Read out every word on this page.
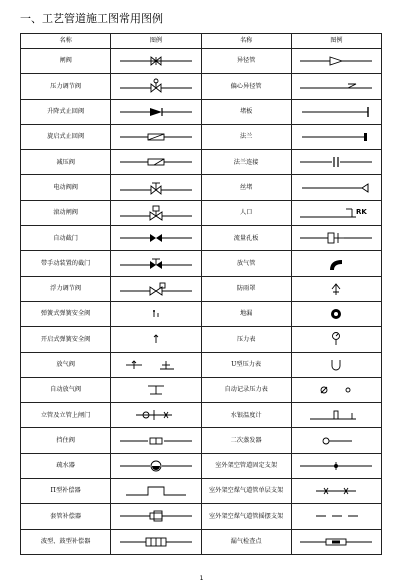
一、工艺管道施工图常用图例
名称	图例	名称	图例
闸阀		异径管	

压力调节阀		偏心异径管	

升降式止回阀		堵板	

旋启式止回阀		法兰	

减压阀		法兰连接	

电动阀阀		丝堵	

滚动闸阀		人口	RK

自动截门		流量孔板	

带手动装置的截门		放气管	

浮力调节阀		防雨罩	

弹簧式弹簧安全阀		地漏	

开启式弹簧安全阀		压力表	

放气阀		U型压力表	

自动放气阀		自动记录压力表	

立管及立管上闸门		水银温度计	

挡住阀		二次蒸发器	

疏水器		室外架空管道固定支架	

Π型补偿器		室外架空煤气道管单层支架	

套管补偿器		室外架空煤气道管摇摆支架	

波型、鼓型补偿器		漏气检查点	
1
